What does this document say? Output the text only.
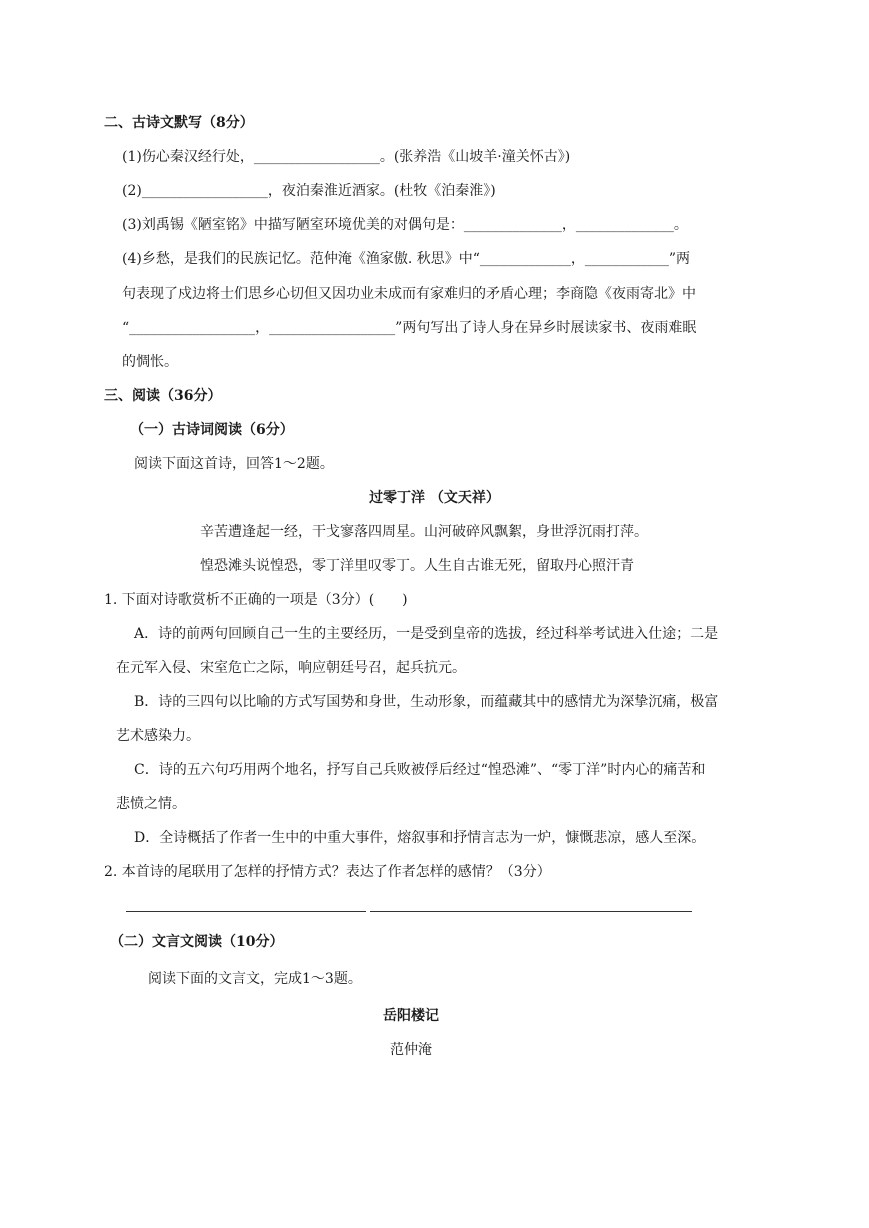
二、古诗文默写（8分）
(1)伤心秦汉经行处，__________________。(张养浩《山坡羊·潼关怀古》)
(2)__________________，夜泊秦淮近酒家。(杜牧《泊秦淮》)
(3)刘禹锡《陋室铭》中描写陋室环境优美的对偶句是：______________，______________。
(4)乡愁，是我们的民族记忆。范仲淹《渔家傲. 秋思》中“_____________，____________”两
句表现了戍边将士们思乡心切但又因功业未成而有家难归的矛盾心理；李商隐《夜雨寄北》中
“__________________，__________________”两句写出了诗人身在异乡时展读家书、夜雨难眠
的惆怅。
三、阅读（36分）
（一）古诗词阅读（6分）
阅读下面这首诗，回答1～2题。
过零丁洋 （文天祥）
辛苦遭逢起一经，干戈寥落四周星。山河破碎风飘絮，身世浮沉雨打萍。
惶恐滩头说惶恐，零丁洋里叹零丁。人生自古谁无死，留取丹心照汗青
1. 下面对诗歌赏析不正确的一项是（3分）(　　)
A．诗的前两句回顾自己一生的主要经历，一是受到皇帝的选拔，经过科举考试进入仕途；二是
在元军入侵、宋室危亡之际，响应朝廷号召，起兵抗元。
B．诗的三四句以比喻的方式写国势和身世，生动形象，而蕴藏其中的感情尤为深挚沉痛，极富
艺术感染力。
C．诗的五六句巧用两个地名，抒写自己兵败被俘后经过“惶恐滩”、“零丁洋”时内心的痛苦和
悲愤之情。
D．全诗概括了作者一生中的中重大事件，熔叙事和抒情言志为一炉，慷慨悲凉，感人至深。
2. 本首诗的尾联用了怎样的抒情方式？表达了作者怎样的感情？（3分）
（二）文言文阅读（10分）
阅读下面的文言文，完成1～3题。
岳阳楼记
范仲淹
